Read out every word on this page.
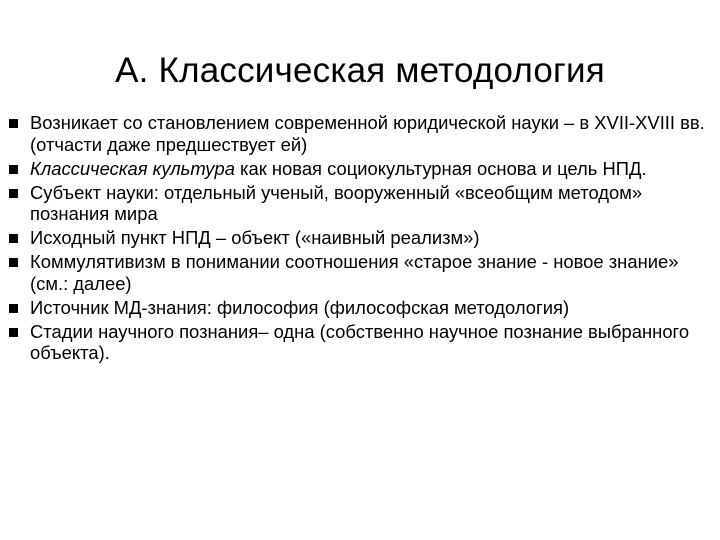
А. Классическая методология
Возникает со становлением современной юридической науки – в XVII-XVIII вв. (отчасти даже предшествует ей)
Классическая культура как новая социокультурная основа и цель НПД.
Субъект науки: отдельный ученый, вооруженный «всеобщим методом» познания мира
Исходный пункт НПД – объект («наивный реализм»)
Коммулятивизм в понимании соотношения «старое знание - новое знание» (см.: далее)
Источник МД-знания: философия (философская методология)
Стадии научного познания– одна (собственно научное познание выбранного объекта).
